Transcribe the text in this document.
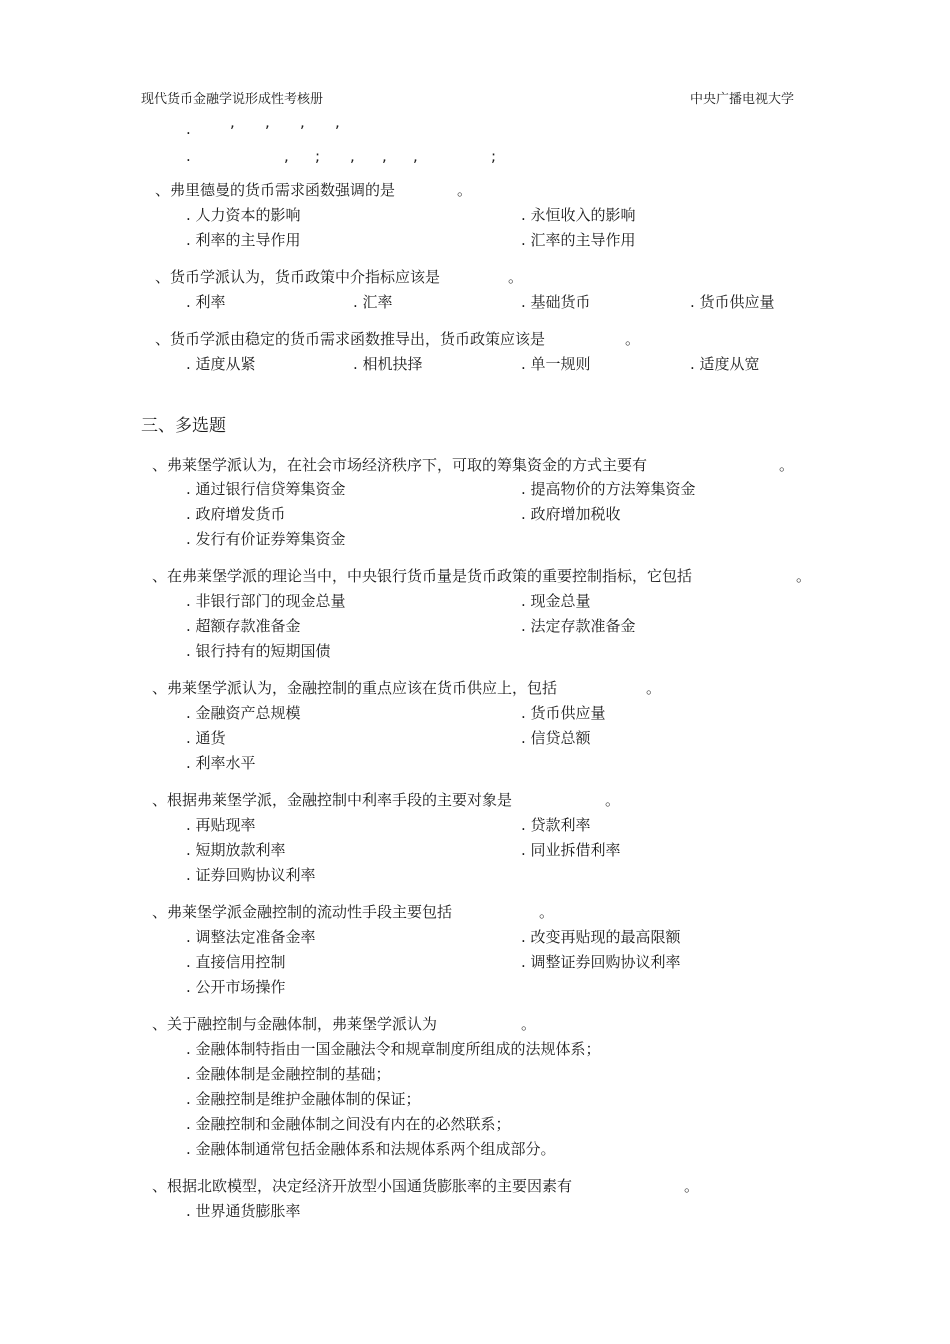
现代货币金融学说形成性考核册	中央广播电视大学
.	, , , ,
.	, ; , , ,	;
、弗里德曼的货币需求函数强调的是	。
. 人力资本的影响	. 永恒收入的影响
. 利率的主导作用	. 汇率的主导作用
、货币学派认为，货币政策中介指标应该是	。
. 利率	. 汇率	. 基础货币	. 货币供应量
、货币学派由稳定的货币需求函数推导出，货币政策应该是	。
. 适度从紧	. 相机抉择	. 单一规则	. 适度从宽
三、多选题
、弗莱堡学派认为，在社会市场经济秩序下，可取的筹集资金的方式主要有	。
. 通过银行信贷筹集资金	. 提高物价的方法筹集资金
. 政府增发货币	. 政府增加税收
. 发行有价证券筹集资金
、在弗莱堡学派的理论当中，中央银行货币量是货币政策的重要控制指标，它包括	。
. 非银行部门的现金总量	. 现金总量
. 超额存款准备金	. 法定存款准备金
. 银行持有的短期国债
、弗莱堡学派认为，金融控制的重点应该在货币供应上，包括	。
. 金融资产总规模	. 货币供应量
. 通货	. 信贷总额
. 利率水平
、根据弗莱堡学派，金融控制中利率手段的主要对象是	。
. 再贴现率	. 贷款利率
. 短期放款利率	. 同业拆借利率
. 证券回购协议利率
、弗莱堡学派金融控制的流动性手段主要包括	。
. 调整法定准备金率	. 改变再贴现的最高限额
. 直接信用控制	. 调整证券回购协议利率
. 公开市场操作
、关于融控制与金融体制，弗莱堡学派认为	。
. 金融体制特指由一国金融法令和规章制度所组成的法规体系；
. 金融体制是金融控制的基础；
. 金融控制是维护金融体制的保证；
. 金融控制和金融体制之间没有内在的必然联系；
. 金融体制通常包括金融体系和法规体系两个组成部分。
、根据北欧模型，决定经济开放型小国通货膨胀率的主要因素有	。
. 世界通货膨胀率
